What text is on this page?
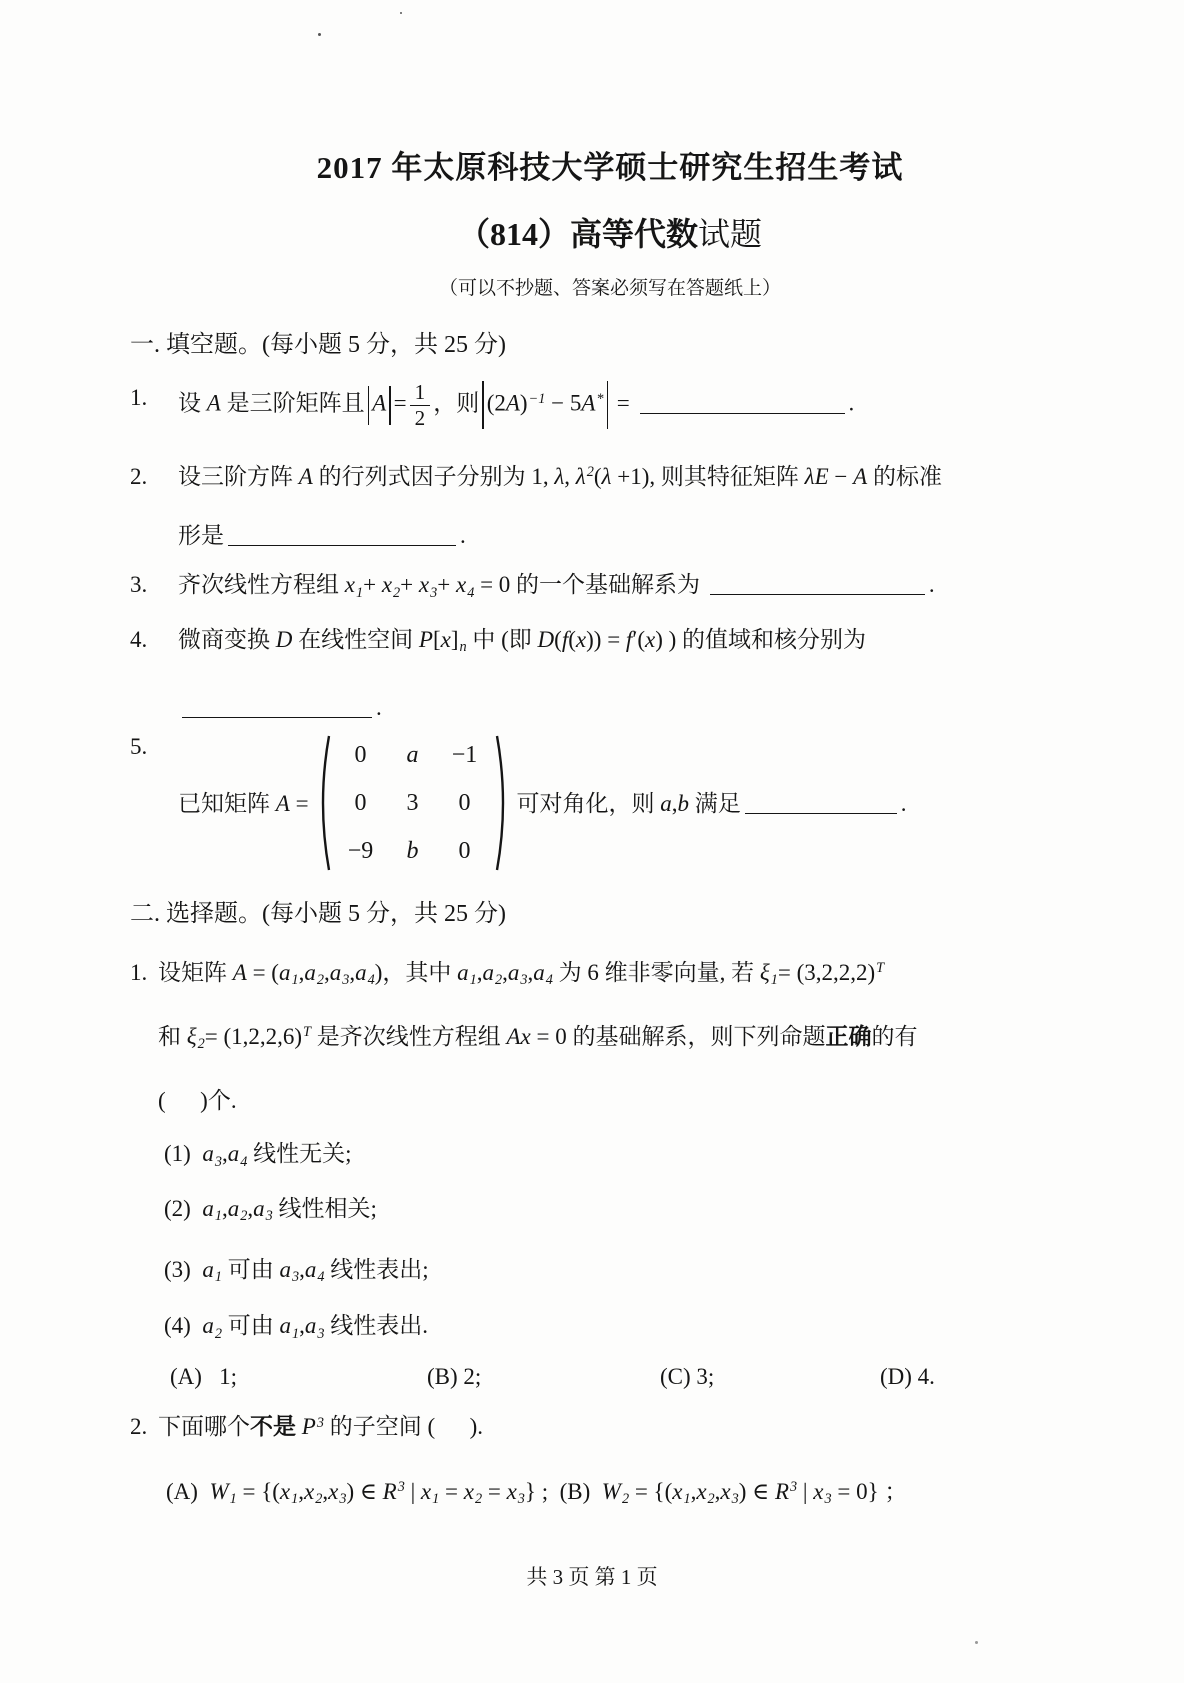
2017 年太原科技大学硕士研究生招生考试
（814）高等代数试题

（可以不抄题、答案必须写在答题纸上）

一. 填空题。(每小题 5 分，共 25 分)

1.	设 A 是三阶矩阵且 $A = \frac{1}{2}$ ，则 $(2A)^{-1} - 5A^*$ =	.
2.	设三阶方阵 A 的行列式因子分别为 1, λ, $\lambda^2(\lambda +1)$, 则其特征矩阵 λE − A 的标准
形是	.
3.	齐次线性方程组 x1+ x2+ x3+ x4 = 0 的一个基础解系为	.
4.	微商变换 D 在线性空间 P[x]n 中 (即 D(f(x)) = f′(x) ) 的值域和核分别为
.
5.
已知矩阵 A =
0	a	−1
0	3	0
−9	b	0
可对角化，则 a,b 满足	.

二. 选择题。(每小题 5 分，共 25 分)

1. 设矩阵 A = (a1,a2,a3,a4)，其中 a1,a2,a3,a4 为 6 维非零向量, 若 $\xi 1= (3,2,2,2)^T$
和 $\xi 2= (1,2,2,6)^T$ 是齐次线性方程组 Ax = 0 的基础解系，则下列命题正确的有
(      )个.
(1)  a3,a4 线性无关;
(2)  a1,a2,a3 线性相关;
(3)  a1 可由 a3,a4 线性表出;
(4)  a2 可由 a1,a3 线性表出.
(A)   1;	(B) 2;	(C) 3;	(D) 4.
2. 下面哪个不是 $P^3$ 的子空间 (      ).
(A)  W1 = {(x1,x2,x3) ∈ $R^3$ | x1 = x2 = x3} ;  (B)  W2 = {(x1,x2,x3) ∈ $R^3$ | x3 = 0} ；
共 3 页 第 1 页
